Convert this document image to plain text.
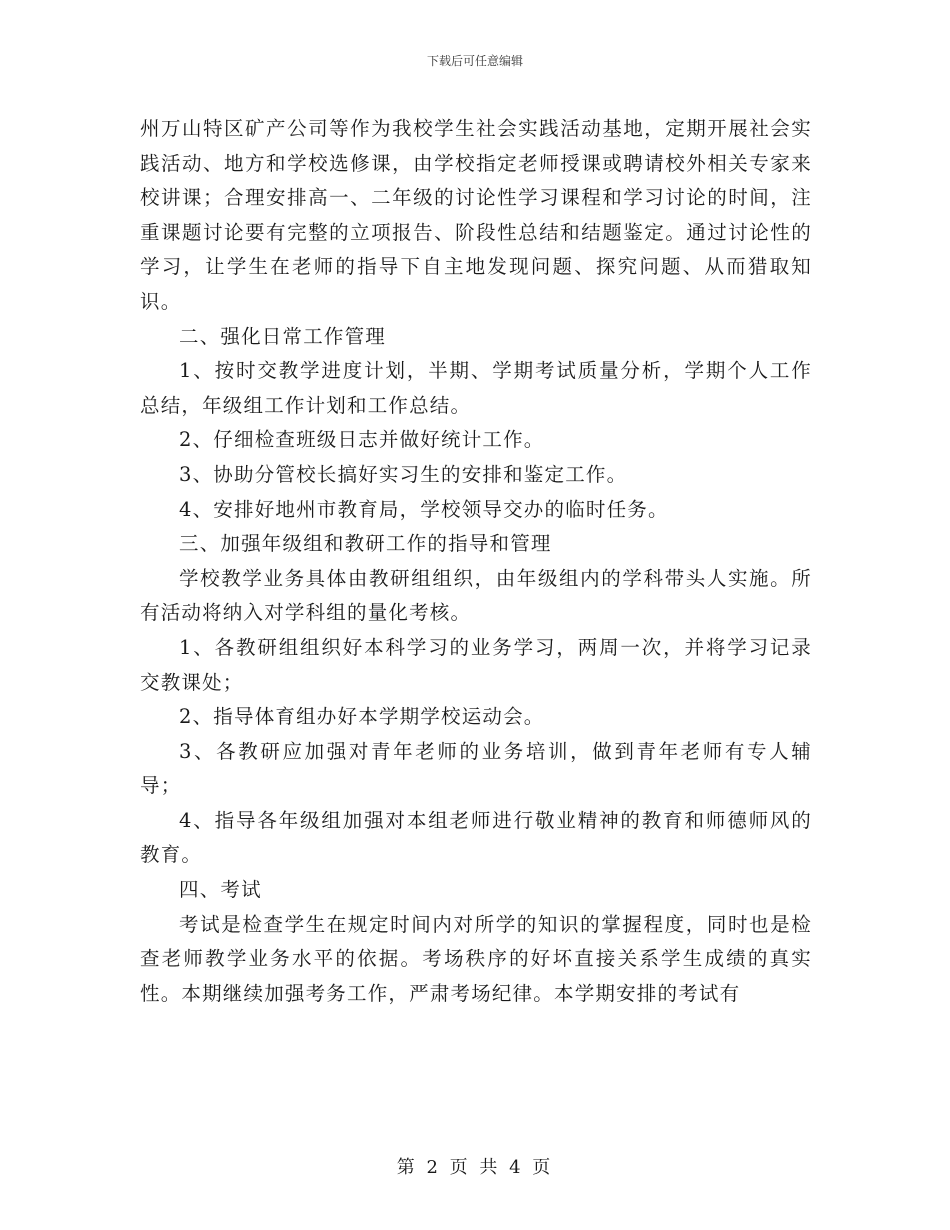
下载后可任意编辑

州万山特区矿产公司等作为我校学生社会实践活动基地，定期开展社会实践活动、地方和学校选修课，由学校指定老师授课或聘请校外相关专家来校讲课；合理安排高一、二年级的讨论性学习课程和学习讨论的时间，注重课题讨论要有完整的立项报告、阶段性总结和结题鉴定。通过讨论性的学习，让学生在老师的指导下自主地发现问题、探究问题、从而猎取知识。

二、强化日常工作管理

1、按时交教学进度计划，半期、学期考试质量分析，学期个人工作总结，年级组工作计划和工作总结。

2、仔细检查班级日志并做好统计工作。

3、协助分管校长搞好实习生的安排和鉴定工作。

4、安排好地州市教育局，学校领导交办的临时任务。

三、加强年级组和教研工作的指导和管理

学校教学业务具体由教研组组织，由年级组内的学科带头人实施。所有活动将纳入对学科组的量化考核。

1、各教研组组织好本科学习的业务学习，两周一次，并将学习记录交教课处；

2、指导体育组办好本学期学校运动会。

3、各教研应加强对青年老师的业务培训，做到青年老师有专人辅导；

4、指导各年级组加强对本组老师进行敬业精神的教育和师德师风的教育。

四、考试

考试是检查学生在规定时间内对所学的知识的掌握程度，同时也是检查老师教学业务水平的依据。考场秩序的好坏直接关系学生成绩的真实性。本期继续加强考务工作，严肃考场纪律。本学期安排的考试有

第 2 页 共 4 页
